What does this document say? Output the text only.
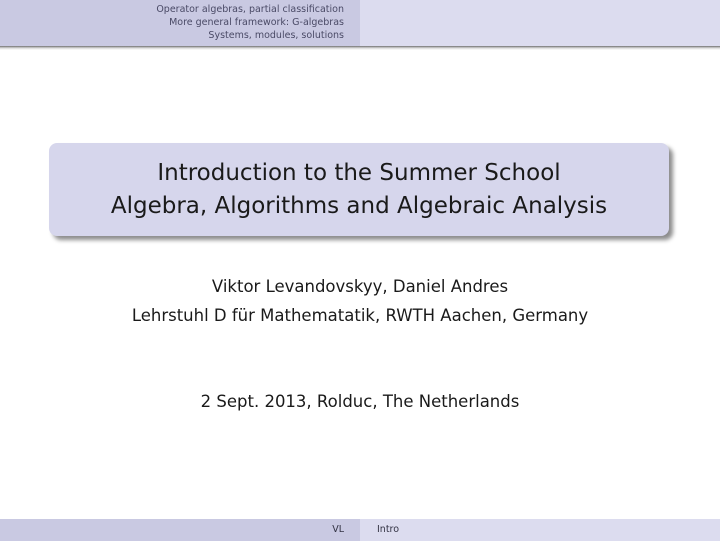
Operator algebras, partial classification
More general framework: G-algebras
Systems, modules, solutions
Introduction to the Summer School
Algebra, Algorithms and Algebraic Analysis
Viktor Levandovskyy, Daniel Andres
Lehrstuhl D für Mathematatik, RWTH Aachen, Germany
2 Sept. 2013, Rolduc, The Netherlands
VL	Intro
